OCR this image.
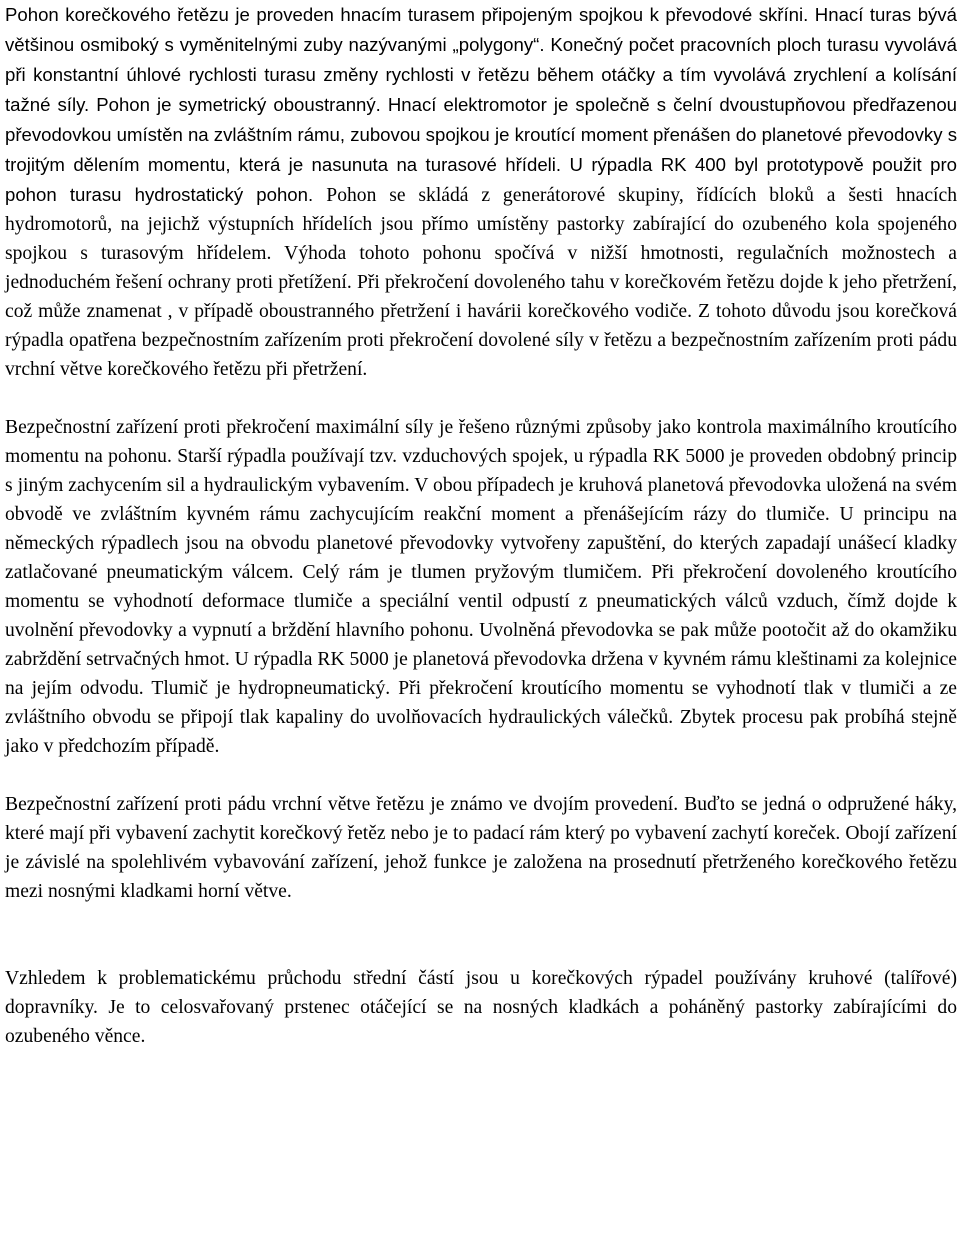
Pohon korečkového řetězu je proveden hnacím turasem připojeným spojkou k převodové skříni. Hnací turas bývá většinou osmiboký s vyměnitelnými zuby nazývanými „polygony“. Konečný počet pracovních ploch turasu vyvolává při konstantní úhlové rychlosti turasu změny rychlosti v řetězu během otáčky a tím vyvolává zrychlení a kolísání tažné síly. Pohon je symetrický oboustranný. Hnací elektromotor je společně s čelní dvoustupňovou předřazenou převodovkou umístěn na zvláštním rámu, zubovou spojkou je kroutící moment přenášen do planetové převodovky s trojitým dělením momentu, která je nasunuta na turasové hřídeli. U rýpadla RK 400 byl prototypově použit pro pohon turasu hydrostatický pohon. Pohon se skládá z generátorové skupiny, řídících bloků a šesti hnacích hydromotorů, na jejichž výstupních hřídelích jsou přímo umístěny pastorky zabírající do ozubeného kola spojeného spojkou s turasovým hřídelem. Výhoda tohoto pohonu spočívá v nižší hmotnosti, regulačních možnostech a jednoduchém řešení ochrany proti přetížení. Při překročení dovoleného tahu v korečkovém řetězu dojde k jeho přetržení, což může znamenat , v případě oboustranného přetržení i havárii korečkového vodiče. Z tohoto důvodu jsou korečková rýpadla opatřena bezpečnostním zařízením proti překročení dovolené síly v řetězu a bezpečnostním zařízením proti pádu vrchní větve korečkového řetězu při přetržení.

Bezpečnostní zařízení proti překročení maximální síly je řešeno různými způsoby jako kontrola maximálního kroutícího momentu na pohonu. Starší rýpadla používají tzv. vzduchových spojek, u rýpadla RK 5000 je proveden obdobný princip s jiným zachycením sil a hydraulickým vybavením. V obou případech je kruhová planetová převodovka uložená na svém obvodě ve zvláštním kyvném rámu zachycujícím reakční moment a přenášejícím rázy do tlumiče. U principu na německých rýpadlech jsou na obvodu planetové převodovky vytvořeny zapuštění, do kterých zapadají unášecí kladky zatlačované pneumatickým válcem. Celý rám je tlumen pryžovým tlumičem. Při překročení dovoleného kroutícího momentu se vyhodnotí deformace tlumiče a speciální ventil odpustí z pneumatických válců vzduch, čímž dojde k uvolnění převodovky a vypnutí a brždění hlavního pohonu. Uvolněná převodovka se pak může pootočit až do okamžiku zabrždění setrvačných hmot. U rýpadla RK 5000 je planetová převodovka držena v kyvném rámu kleštinami za kolejnice na jejím odvodu. Tlumič je hydropneumatický. Při překročení kroutícího momentu se vyhodnotí tlak v tlumiči a ze zvláštního obvodu se připojí tlak kapaliny do uvolňovacích hydraulických válečků. Zbytek procesu pak probíhá stejně jako v předchozím případě.

Bezpečnostní zařízení proti pádu vrchní větve řetězu je známo ve dvojím provedení. Buďto se jedná o odpružené háky, které mají při vybavení zachytit korečkový řetěz nebo je to padací rám který po vybavení zachytí koreček. Obojí zařízení je závislé na spolehlivém vybavování zařízení, jehož funkce je založena na prosednutí přetrženého korečkového řetězu mezi nosnými kladkami horní větve.

Vzhledem k problematickému průchodu střední částí jsou u korečkových rýpadel používány kruhové (talířové) dopravníky. Je to celosvařovaný prstenec otáčející se na nosných kladkách a poháněný pastorky zabírajícími do ozubeného věnce.
